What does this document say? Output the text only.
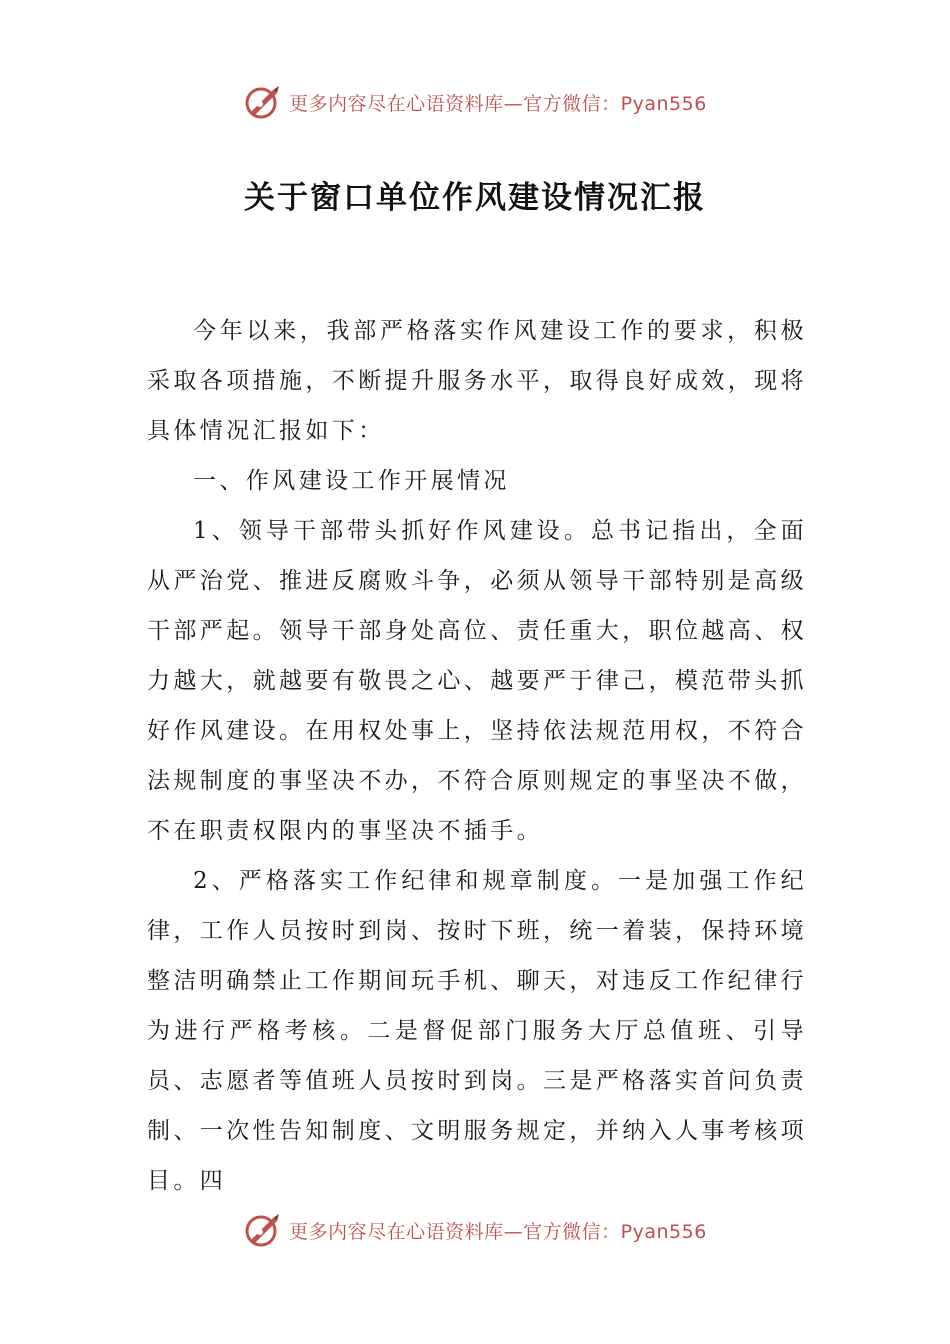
更多内容尽在心语资料库—官方微信：Pyan556
关于窗口单位作风建设情况汇报

今年以来，我部严格落实作风建设工作的要求，积极采取各项措施，不断提升服务水平，取得良好成效，现将具体情况汇报如下：

一、作风建设工作开展情况

1、领导干部带头抓好作风建设。总书记指出，全面从严治党、推进反腐败斗争，必须从领导干部特别是高级干部严起。领导干部身处高位、责任重大，职位越高、权力越大，就越要有敬畏之心、越要严于律己，模范带头抓好作风建设。在用权处事上，坚持依法规范用权，不符合法规制度的事坚决不办，不符合原则规定的事坚决不做，不在职责权限内的事坚决不插手。

2、严格落实工作纪律和规章制度。一是加强工作纪律，工作人员按时到岗、按时下班，统一着装，保持环境整洁明确禁止工作期间玩手机、聊天，对违反工作纪律行为进行严格考核。二是督促部门服务大厅总值班、引导员、志愿者等值班人员按时到岗。三是严格落实首问负责制、一次性告知制度、文明服务规定，并纳入人事考核项目。四

更多内容尽在心语资料库—官方微信：Pyan556
